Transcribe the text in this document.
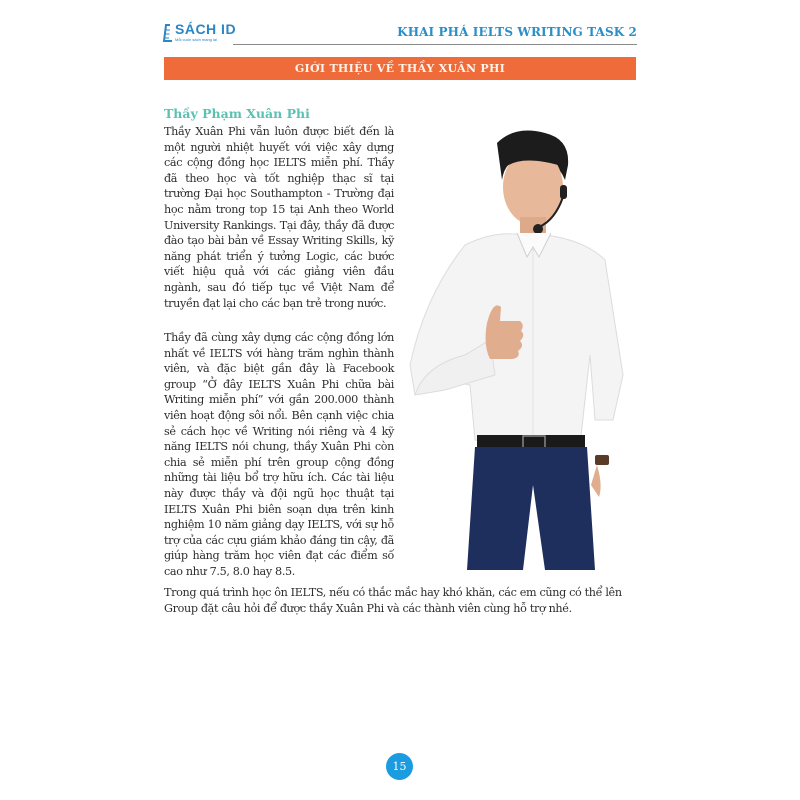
SÁCH ID
Mỗi cuốn sách mang lại
KHAI PHÁ IELTS WRITING TASK 2
GIỚI THIỆU VỀ THẦY XUÂN PHI
Thầy Phạm Xuân Phi
Thầy Xuân Phi vẫn luôn được biết đến là một người nhiệt huyết với việc xây dựng các cộng đồng học IELTS miễn phí. Thầy đã theo học và tốt nghiệp thạc sĩ tại trường Đại học Southampton - Trường đại học nằm trong top 15 tại Anh theo World University Rankings. Tại đây, thầy đã được đào tạo bài bản về Essay Writing Skills, kỹ năng phát triển ý tưởng Logic, các bước viết hiệu quả với các giảng viên đầu ngành, sau đó tiếp tục về Việt Nam để truyền đạt lại cho các bạn trẻ trong nước.
Thầy đã cùng xây dựng các cộng đồng lớn nhất về IELTS với hàng trăm nghìn thành viên, và đặc biệt gần đây là Facebook group “Ở đây IELTS Xuân Phi chữa bài Writing miễn phí” với gần 200.000 thành viên hoạt động sôi nổi. Bên cạnh việc chia sẻ cách học về Writing nói riêng và 4 kỹ năng IELTS nói chung, thầy Xuân Phi còn chia sẻ miễn phí trên group cộng đồng những tài liệu bổ trợ hữu ích. Các tài liệu này được thầy và đội ngũ học thuật tại IELTS Xuân Phi biên soạn dựa trên kinh nghiệm 10 năm giảng dạy IELTS, với sự hỗ trợ của các cựu giám khảo đáng tin cậy, đã giúp hàng trăm học viên đạt các điểm số cao như 7.5, 8.0 hay 8.5.
Trong quá trình học ôn IELTS, nếu có thắc mắc hay khó khăn, các em cũng có thể lên Group đặt câu hỏi để được thầy Xuân Phi và các thành viên cùng hỗ trợ nhé.
15
